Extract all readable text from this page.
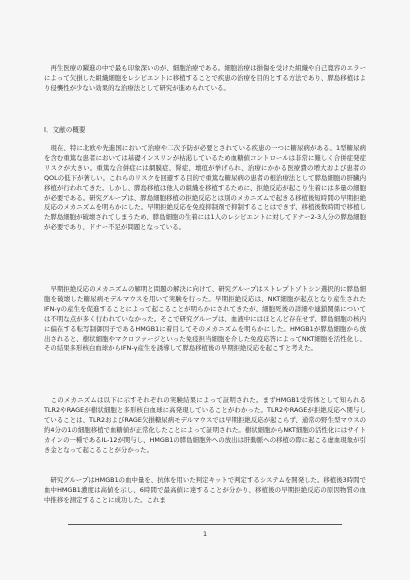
　再生医療の躍進の中で最も印象深いのが、細胞治療である。細胞治療は損傷を受けた組織や自己寛容のエラーによって欠損した組織細胞をレシピエントに移植することで疾患の治療を目的とする方法であり、膵島移植はより侵襲性が少ない効果的な治療法として研究が進められている。

I．文献の概要

　現在、特に北欧や先進国において治療や二次予防が必要とされている疾患の一つに糖尿病がある。1型糖尿病を含む重篤な患者においては基礎インスリンが枯渇しているため血糖値コントロールは非常に難しく合併症発症リスクが大きい。重篤な合併症には網膜症、腎症、壊疽が挙げられ、治療にかかる医療費の増大および患者のQOLの低下が著しい。これらのリスクを回避する目的で重篤な糖尿病の患者の根治療法として膵島細胞の肝臓内移植が行われてきた。しかし、膵島移植は他人の組織を移植するために、拒絶反応が起こり生着には多量の細胞が必要である。研究グループは、膵島細胞移植の拒絶反応とは別のメカニズムで起きる移植後短時間の早期拒絶反応のメカニズムを明らかにした。早期拒絶反応を免疫抑制剤で抑制することはできず、移植後数時間で移植した膵島細胞が破壊されてしまうため、膵島細胞の生着には1人のレシピエントに対してドナー2-3人分の膵島細胞が必要であり、ドナー不足が問題となっている。

　早期拒絶反応のメカニズムの解明と問題の解決に向けて、研究グループはストレプトゾトシン選択的に膵島細胞を破壊した糖尿病モデルマウスを用いて実験を行った。早期拒絶反応は、NKT細胞が起点となり産生されたIFN-γの産生を促進することによって起こることが明らかにされてきたが、細胞死後の詳細や連鎖関係については不明な点が多く行われていなかった。そこで研究グループは、血液中にはほとんど存在せず、膵島細胞の核内に偏在する転写制御因子であるHMGB1に着目してそのメカニズムを明らかにした。HMGB1が膵島細胞から放出されると、樹状細胞やマクロファージといった免疫担当細胞を介した免疫応答によってNKT細胞を活性化し、その結果多形核白血球からIFN-γ産生を誘導して膵島移植後の早期拒絶反応を起こすと考えた。

　このメカニズムは以下に示すそれぞれの実験結果によって証明された。まずHMGB1受容体として知られるTLR2やRAGEが樹状細胞と多形核白血球に高発現していることがわかった。TLR2やRAGEが拒絶反応へ関与していることは、TLR2およびRAGE欠損糖尿病モデルマウスでは早期拒絶反応が起こらず、通常の野生型マウスの約4分の1の細胞移植で血糖値が正常化したことによって証明された。樹状細胞からNKT細胞の活性化にはサイトカインの一種であるIL-12が関与し、HMGB1の膵島細胞外への放出は肝動脈への移植の際に起こる虚血現象が引き金となって起こることが分かった。

　研究グループはHMGB1の血中量を、抗体を用いた判定キットで判定するシステムを開発した。移植後3時間で血中HMGB1濃度は高値を示し、6時間で最高値に達することが分かり、移植後の早期拒絶反応の原因物質の血中推移を測定することに成功した。これま

1
